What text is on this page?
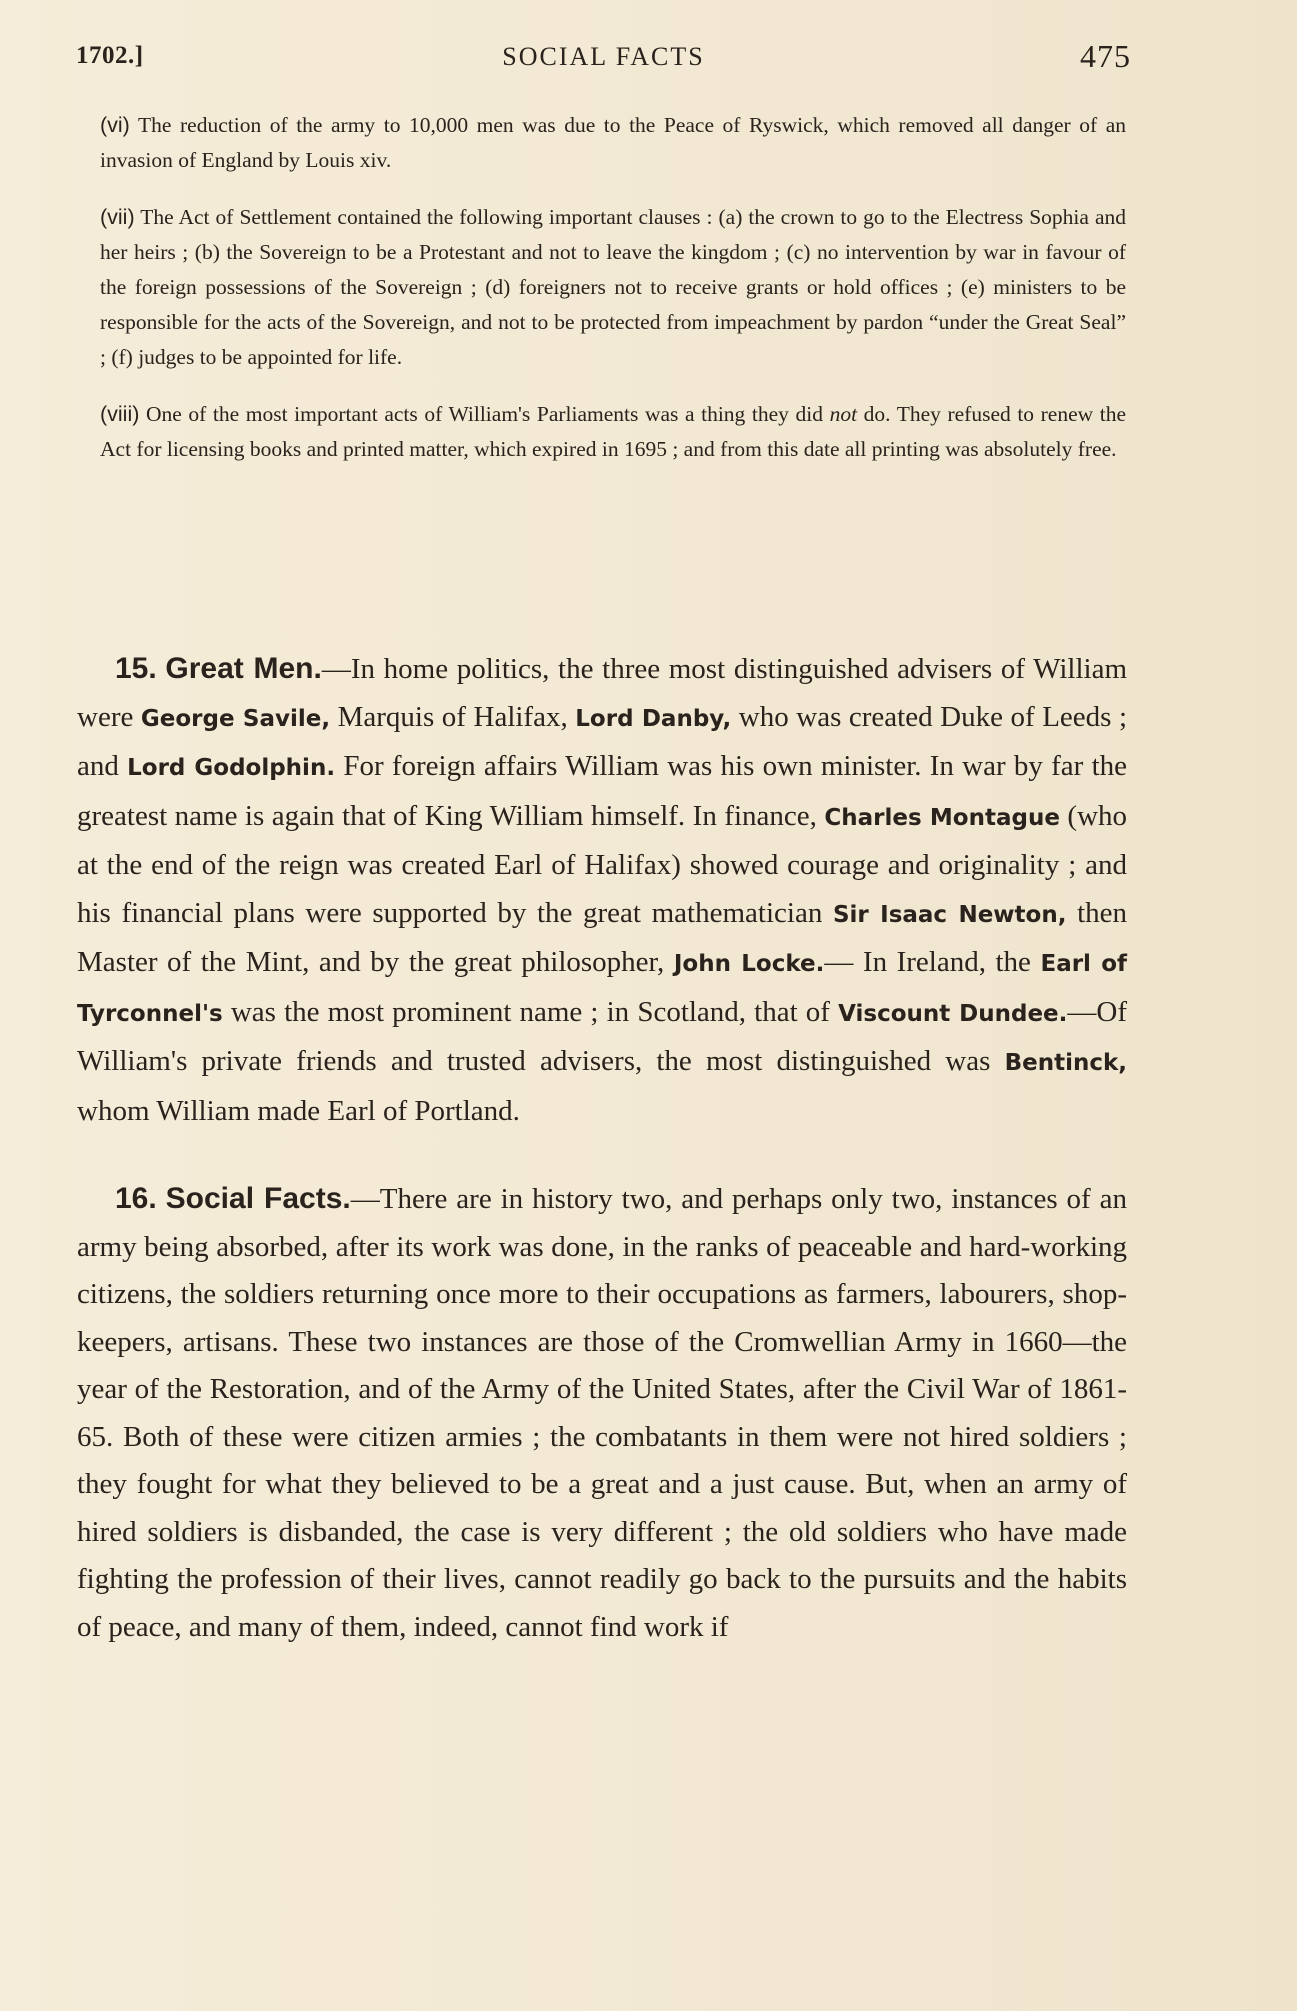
1702.]	SOCIAL FACTS	475

(vi) The reduction of the army to 10,000 men was due to the Peace of Ryswick, which removed all danger of an invasion of England by Louis xiv.

(vii) The Act of Settlement contained the following important clauses : (a) the crown to go to the Electress Sophia and her heirs ; (b) the Sovereign to be a Protestant and not to leave the kingdom ; (c) no intervention by war in favour of the foreign possessions of the Sovereign ; (d) foreigners not to receive grants or hold offices ; (e) ministers to be responsible for the acts of the Sovereign, and not to be protected from impeachment by pardon “under the Great Seal” ; (f) judges to be appointed for life.

(viii) One of the most important acts of William's Parliaments was a thing they did not do. They refused to renew the Act for licensing books and printed matter, which expired in 1695 ; and from this date all printing was absolutely free.

15. Great Men.—In home politics, the three most distinguished advisers of William were George Savile, Marquis of Halifax, Lord Danby, who was created Duke of Leeds ; and Lord Godolphin. For foreign affairs William was his own minister. In war by far the greatest name is again that of King William himself. In finance, Charles Montague (who at the end of the reign was created Earl of Halifax) showed courage and originality ; and his financial plans were supported by the great mathematician Sir Isaac Newton, then Master of the Mint, and by the great philosopher, John Locke.— In Ireland, the Earl of Tyrconnel's was the most prominent name ; in Scotland, that of Viscount Dundee.—Of William's private friends and trusted advisers, the most distinguished was Bentinck, whom William made Earl of Portland.

16. Social Facts.—There are in history two, and perhaps only two, instances of an army being absorbed, after its work was done, in the ranks of peaceable and hard-working citizens, the soldiers returning once more to their occupations as farmers, labourers, shop-keepers, artisans. These two instances are those of the Cromwellian Army in 1660—the year of the Restoration, and of the Army of the United States, after the Civil War of 1861-65. Both of these were citizen armies ; the combatants in them were not hired soldiers ; they fought for what they believed to be a great and a just cause. But, when an army of hired soldiers is disbanded, the case is very different ; the old soldiers who have made fighting the profession of their lives, cannot readily go back to the pursuits and the habits of peace, and many of them, indeed, cannot find work if
